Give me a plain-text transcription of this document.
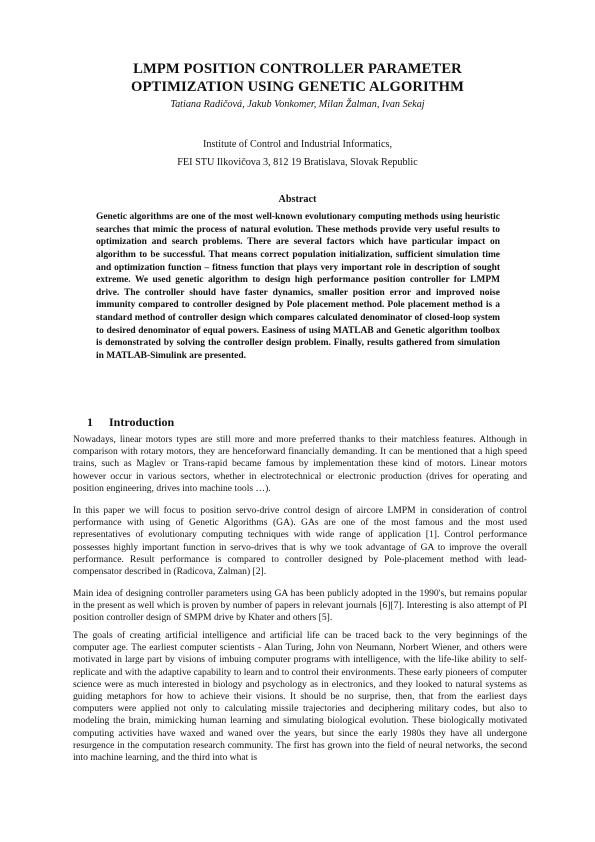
LMPM POSITION CONTROLLER PARAMETER
OPTIMIZATION USING GENETIC ALGORITHM
Tatiana Radičová, Jakub Vonkomer, Milan Žalman, Ivan Sekaj
Institute of Control and Industrial Informatics,
FEI STU Ilkovičova 3, 812 19 Bratislava, Slovak Republic
Abstract

Genetic algorithms are one of the most well-known evolutionary computing methods using heuristic searches that mimic the process of natural evolution. These methods provide very useful results to optimization and search problems. There are several factors which have particular impact on algorithm to be successful. That means correct population initialization, sufficient simulation time and optimization function – fitness function that plays very important role in description of sought extreme. We used genetic algorithm to design high performance position controller for LMPM drive. The controller should have faster dynamics, smaller position error and improved noise immunity compared to controller designed by Pole placement method. Pole placement method is a standard method of controller design which compares calculated denominator of closed-loop system to desired denominator of equal powers. Easiness of using MATLAB and Genetic algorithm toolbox is demonstrated by solving the controller design problem. Finally, results gathered from simulation in MATLAB-Simulink are presented.

1 Introduction

Nowadays, linear motors types are still more and more preferred thanks to their matchless features. Although in comparison with rotary motors, they are henceforward financially demanding. It can be mentioned that a high speed trains, such as Maglev or Trans-rapid became famous by implementation these kind of motors. Linear motors however occur in various sectors, whether in electrotechnical or electronic production (drives for operating and position engineering, drives into machine tools …).

In this paper we will focus to position servo-drive control design of aircore LMPM in consideration of control performance with using of Genetic Algorithms (GA). GAs are one of the most famous and the most used representatives of evolutionary computing techniques with wide range of application [1]. Control performance possesses highly important function in servo-drives that is why we took advantage of GA to improve the overall performance. Result performance is compared to controller designed by Pole-placement method with lead-compensator described in (Radicova, Zalman) [2].

Main idea of designing controller parameters using GA has been publicly adopted in the 1990's, but remains popular in the present as well which is proven by number of papers in relevant journals [6][7]. Interesting is also attempt of PI position controller design of SMPM drive by Khater and others [5].

The goals of creating artificial intelligence and artificial life can be traced back to the very beginnings of the computer age. The earliest computer scientists - Alan Turing, John von Neumann, Norbert Wiener, and others were motivated in large part by visions of imbuing computer programs with intelligence, with the life-like ability to self-replicate and with the adaptive capability to learn and to control their environments. These early pioneers of computer science were as much interested in biology and psychology as in electronics, and they looked to natural systems as guiding metaphors for how to achieve their visions. It should be no surprise, then, that from the earliest days computers were applied not only to calculating missile trajectories and deciphering military codes, but also to modeling the brain, mimicking human learning and simulating biological evolution. These biologically motivated computing activities have waxed and waned over the years, but since the early 1980s they have all undergone resurgence in the computation research community. The first has grown into the field of neural networks, the second into machine learning, and the third into what is
